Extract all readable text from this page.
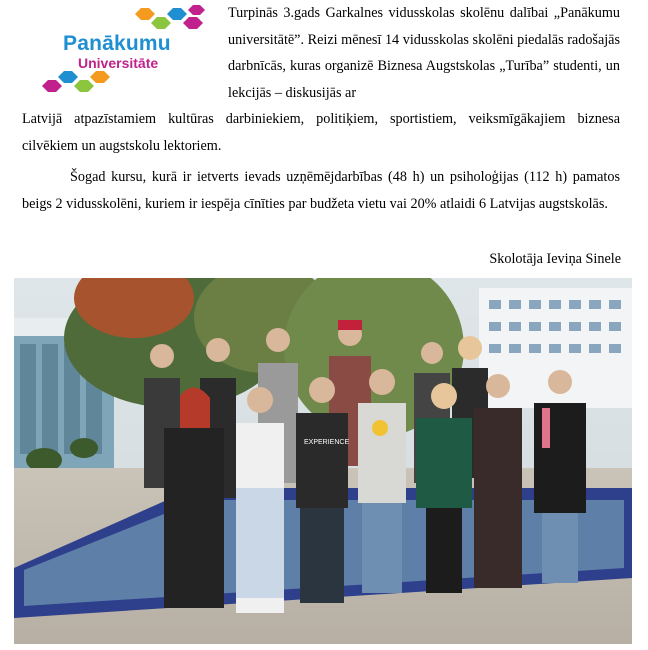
Panākumu
Universitāte
Turpinās 3.gads Garkalnes vidusskolas skolēnu dalībai „Panākumu universitātē”. Reizi mēnesī 14 vidusskolas skolēni piedalās radošajās darbnīcās, kuras organizē Biznesa Augstskolas „Turība” studenti, un lekcijās – diskusijās ar
Latvijā atpazīstamiem kultūras darbiniekiem, politiķiem, sportistiem, veiksmīgākajiem biznesa cilvēkiem un augstskolu lektoriem.
Šogad kursu, kurā ir ietverts ievads uzņēmējdarbības (48 h) un psiholoģijas (112 h) pamatos beigs 2 vidusskolēni, kuriem ir iespēja cīnīties par budžeta vietu vai 20% atlaidi 6 Latvijas augstskolās.
Skolotāja Ieviņa Sinele
EXPERIENCE
